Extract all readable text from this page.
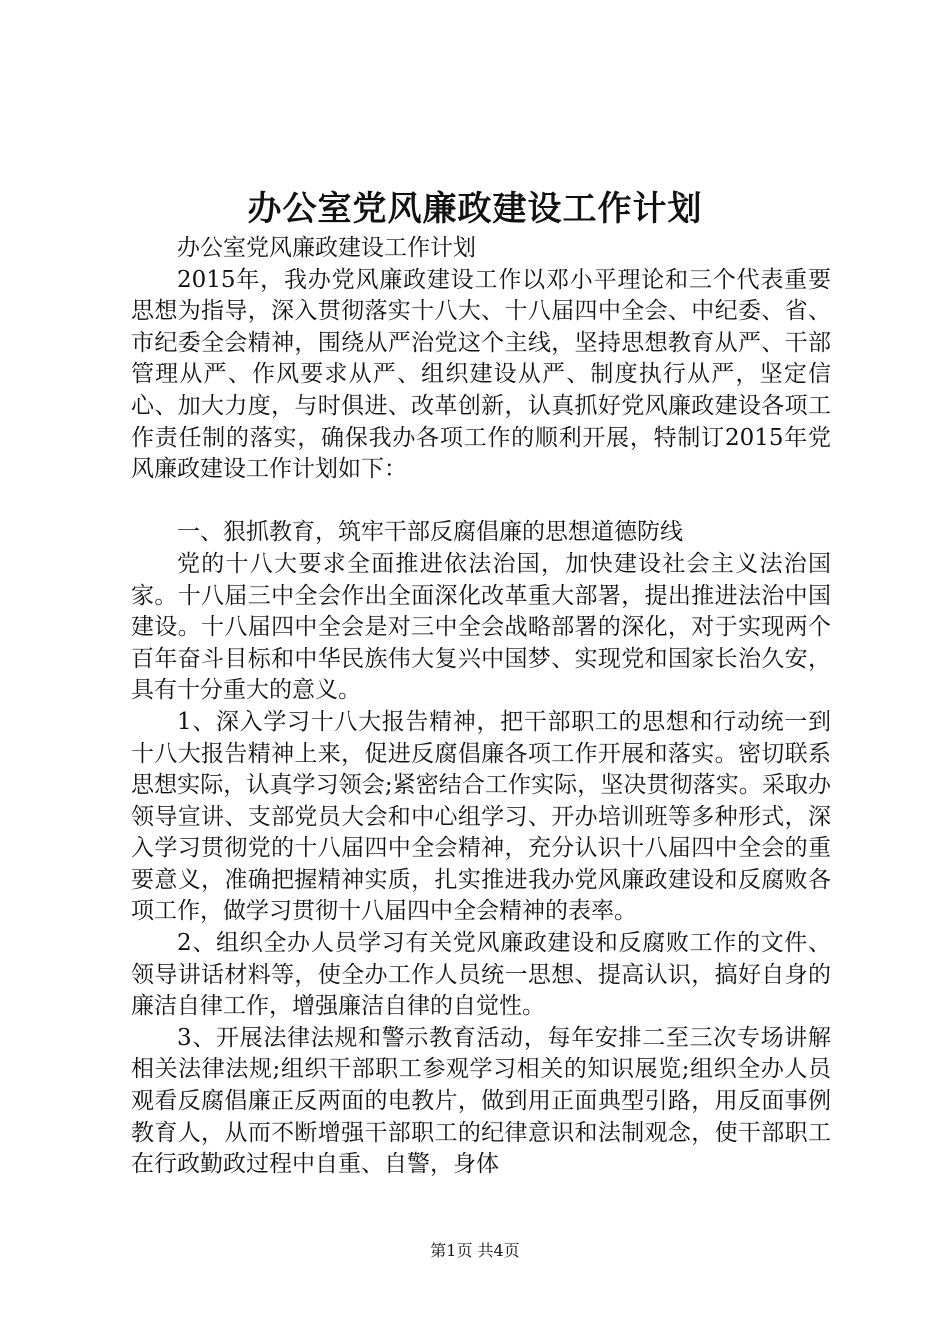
办公室党风廉政建设工作计划

办公室党风廉政建设工作计划

2015年，我办党风廉政建设工作以邓小平理论和三个代表重要思想为指导，深入贯彻落实十八大、十八届四中全会、中纪委、省、市纪委全会精神，围绕从严治党这个主线，坚持思想教育从严、干部管理从严、作风要求从严、组织建设从严、制度执行从严，坚定信心、加大力度，与时俱进、改革创新，认真抓好党风廉政建设各项工作责任制的落实，确保我办各项工作的顺利开展，特制订2015年党风廉政建设工作计划如下：

一、狠抓教育，筑牢干部反腐倡廉的思想道德防线

党的十八大要求全面推进依法治国，加快建设社会主义法治国家。十八届三中全会作出全面深化改革重大部署，提出推进法治中国建设。十八届四中全会是对三中全会战略部署的深化，对于实现两个百年奋斗目标和中华民族伟大复兴中国梦、实现党和国家长治久安，具有十分重大的意义。

1、深入学习十八大报告精神，把干部职工的思想和行动统一到十八大报告精神上来，促进反腐倡廉各项工作开展和落实。密切联系思想实际，认真学习领会;紧密结合工作实际，坚决贯彻落实。采取办领导宣讲、支部党员大会和中心组学习、开办培训班等多种形式，深入学习贯彻党的十八届四中全会精神，充分认识十八届四中全会的重要意义，准确把握精神实质，扎实推进我办党风廉政建设和反腐败各项工作，做学习贯彻十八届四中全会精神的表率。

2、组织全办人员学习有关党风廉政建设和反腐败工作的文件、领导讲话材料等，使全办工作人员统一思想、提高认识，搞好自身的廉洁自律工作，增强廉洁自律的自觉性。

3、开展法律法规和警示教育活动，每年安排二至三次专场讲解相关法律法规;组织干部职工参观学习相关的知识展览;组织全办人员观看反腐倡廉正反两面的电教片，做到用正面典型引路，用反面事例教育人，从而不断增强干部职工的纪律意识和法制观念，使干部职工在行政勤政过程中自重、自警，身体

第1页 共4页
